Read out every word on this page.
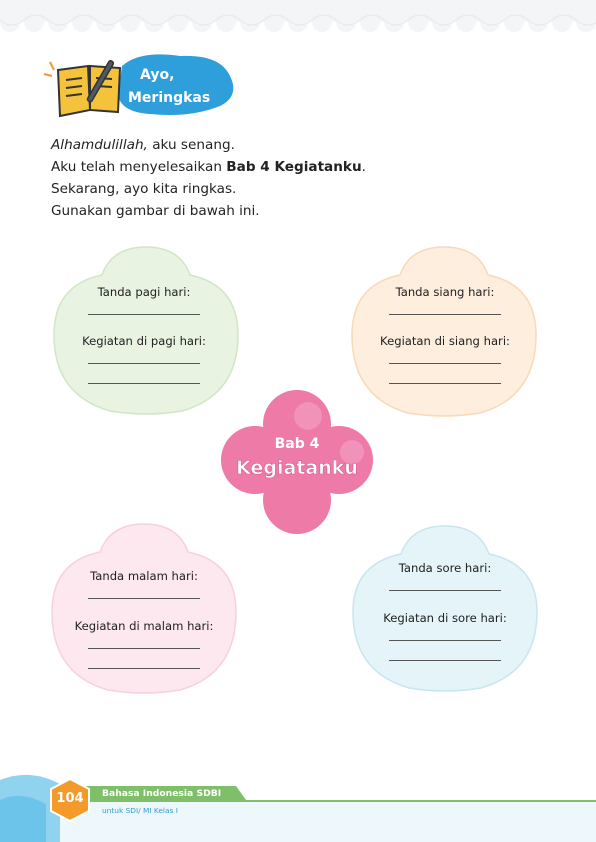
Ayo,
Meringkas
Alhamdulillah, aku senang.
Aku telah menyelesaikan Bab 4 Kegiatanku.
Sekarang, ayo kita ringkas.
Gunakan gambar di bawah ini.
Tanda pagi hari:
Kegiatan di pagi hari:
Tanda siang hari:
Kegiatan di siang hari:
Bab 4
Kegiatanku
Tanda malam hari:
Kegiatan di malam hari:
Tanda sore hari:
Kegiatan di sore hari:
104	Bahasa Indonesia SDBI
untuk SDI/ MI Kelas I
